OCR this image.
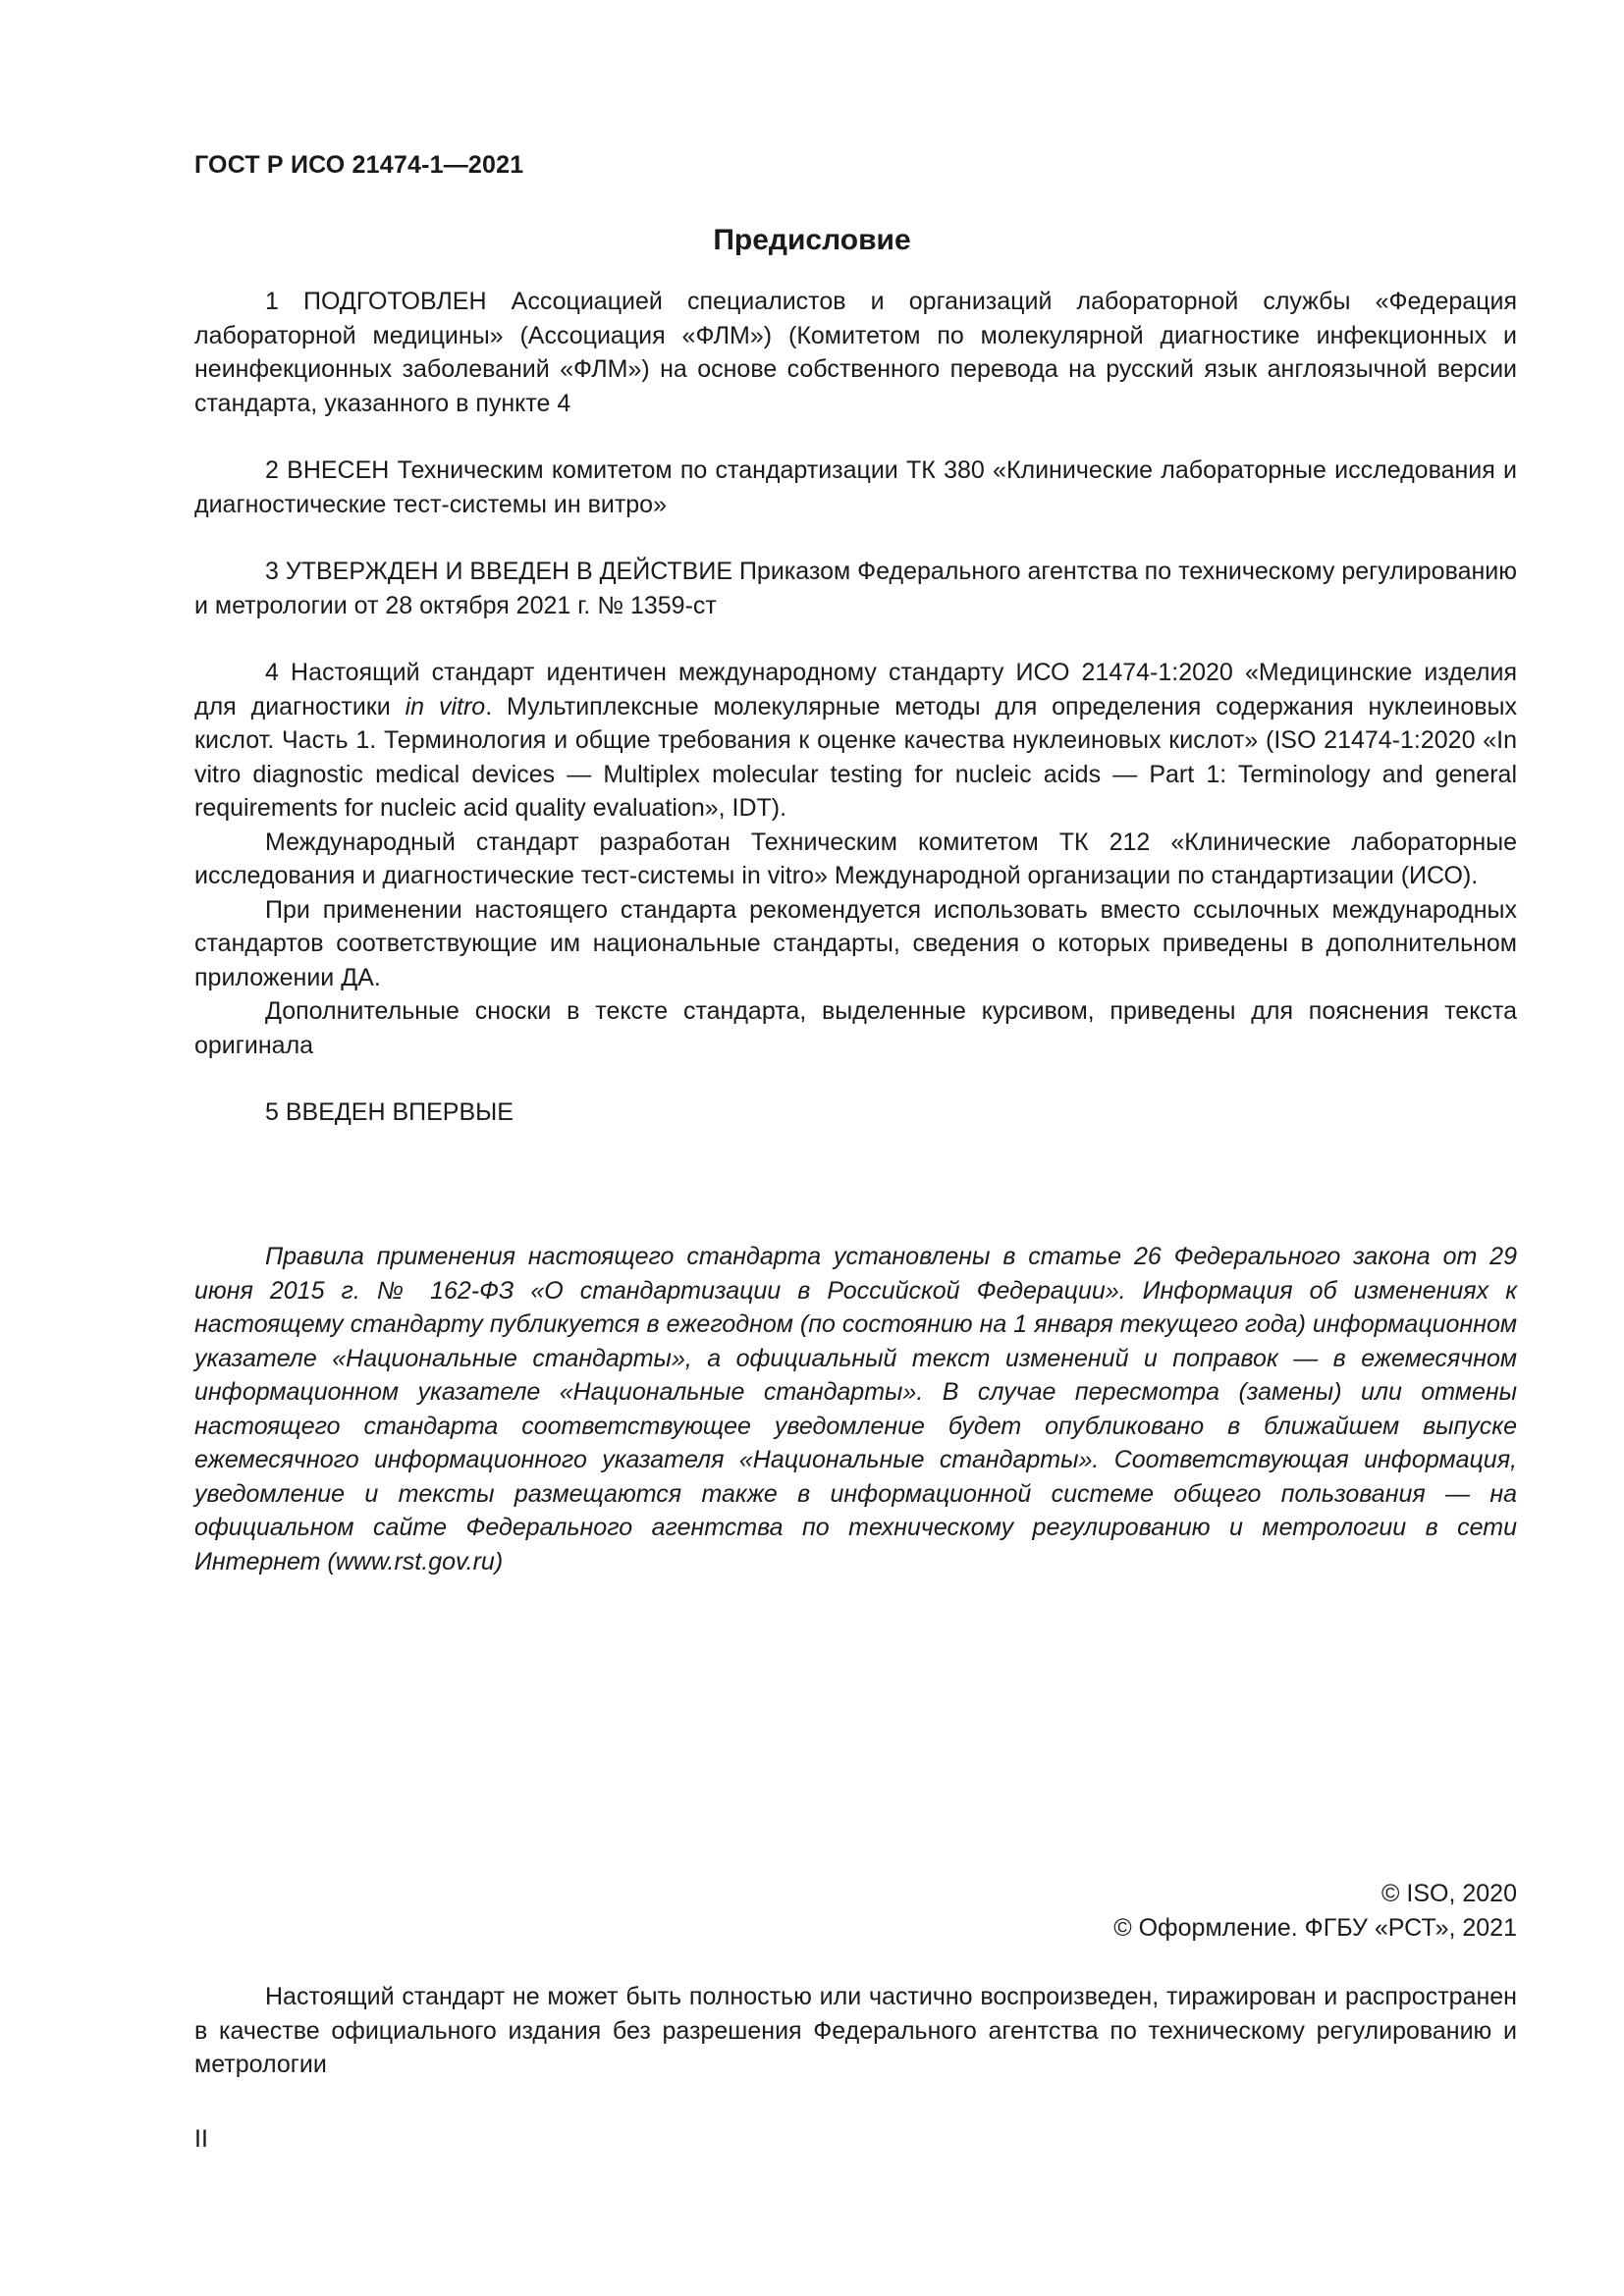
ГОСТ Р ИСО 21474-1—2021
Предисловие

1 ПОДГОТОВЛЕН Ассоциацией специалистов и организаций лабораторной службы «Федерация лабораторной медицины» (Ассоциация «ФЛМ») (Комитетом по молекулярной диагностике инфекционных и неинфекционных заболеваний «ФЛМ») на основе собственного перевода на русский язык англоязычной версии стандарта, указанного в пункте 4

2 ВНЕСЕН Техническим комитетом по стандартизации ТК 380 «Клинические лабораторные исследования и диагностические тест-системы ин витро»

3 УТВЕРЖДЕН И ВВЕДЕН В ДЕЙСТВИЕ Приказом Федерального агентства по техническому регулированию и метрологии от 28 октября 2021 г. № 1359-ст

4 Настоящий стандарт идентичен международному стандарту ИСО 21474-1:2020 «Медицинские изделия для диагностики in vitro. Мультиплексные молекулярные методы для определения содержания нуклеиновых кислот. Часть 1. Терминология и общие требования к оценке качества нуклеиновых кислот» (ISO 21474-1:2020 «In vitro diagnostic medical devices — Multiplex molecular testing for nucleic acids — Part 1: Terminology and general requirements for nucleic acid quality evaluation», IDT).

Международный стандарт разработан Техническим комитетом ТК 212 «Клинические лабораторные исследования и диагностические тест-системы in vitro» Международной организации по стандартизации (ИСО).

При применении настоящего стандарта рекомендуется использовать вместо ссылочных международных стандартов соответствующие им национальные стандарты, сведения о которых приведены в дополнительном приложении ДА.

Дополнительные сноски в тексте стандарта, выделенные курсивом, приведены для пояснения текста оригинала

5 ВВЕДЕН ВПЕРВЫЕ

Правила применения настоящего стандарта установлены в статье 26 Федерального закона от 29 июня 2015 г. № 162-ФЗ «О стандартизации в Российской Федерации». Информация об изменениях к настоящему стандарту публикуется в ежегодном (по состоянию на 1 января текущего года) информационном указателе «Национальные стандарты», а официальный текст изменений и поправок — в ежемесячном информационном указателе «Национальные стандарты». В случае пересмотра (замены) или отмены настоящего стандарта соответствующее уведомление будет опубликовано в ближайшем выпуске ежемесячного информационного указателя «Национальные стандарты». Соответствующая информация, уведомление и тексты размещаются также в информационной системе общего пользования — на официальном сайте Федерального агентства по техническому регулированию и метрологии в сети Интернет (www.rst.gov.ru)

© ISO, 2020
© Оформление. ФГБУ «РСТ», 2021

Настоящий стандарт не может быть полностью или частично воспроизведен, тиражирован и распространен в качестве официального издания без разрешения Федерального агентства по техническому регулированию и метрологии

II
